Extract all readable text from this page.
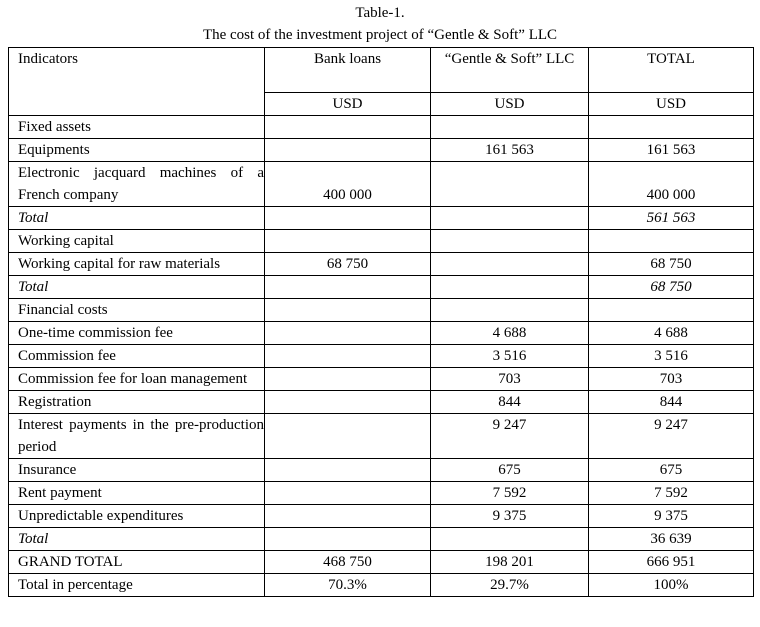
Table-1.
The cost of the investment project of “Gentle & Soft” LLC
Indicators	Bank loans	“Gentle & Soft” LLC	TOTAL
	USD	USD	USD
Fixed assets			
Equipments		161 563	161 563
Electronic jacquard machines of a French company	400 000		400 000
Total			561 563
Working capital			
Working capital for raw materials	68 750		68 750
Total			68 750
Financial costs			
One-time commission fee		4 688	4 688
Commission fee		3 516	3 516
Commission fee for loan management		703	703
Registration		844	844
Interest payments in the pre-production period		9 247	9 247
Insurance		675	675
Rent payment		7 592	7 592
Unpredictable expenditures		9 375	9 375
Total			36 639
GRAND TOTAL	468 750	198 201	666 951
Total in percentage	70.3%	29.7%	100%
